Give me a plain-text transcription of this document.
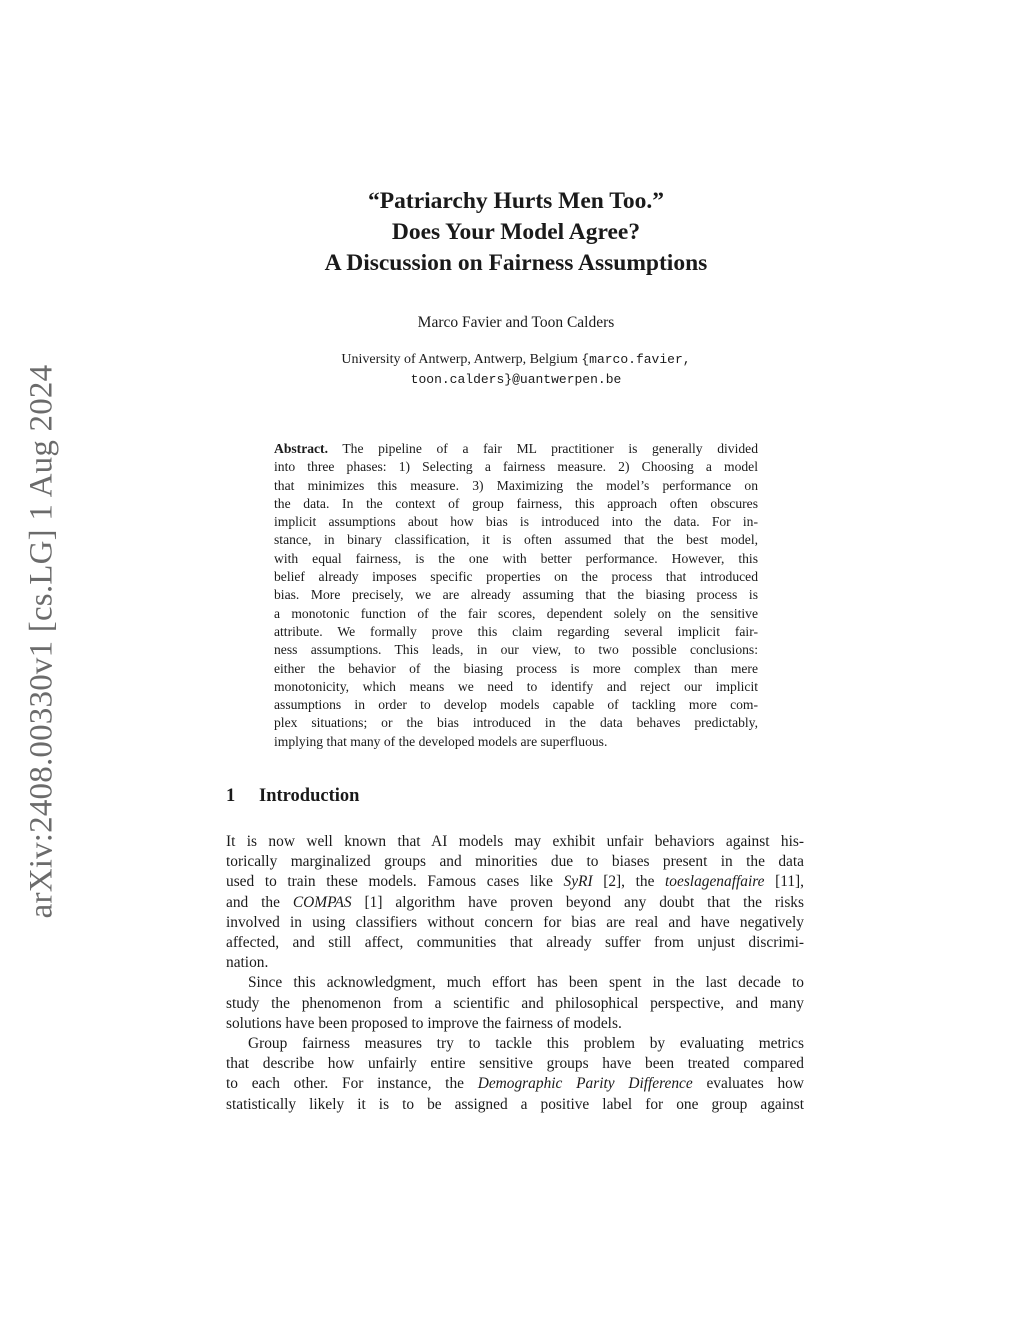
arXiv:2408.00330v1 [cs.LG] 1 Aug 2024
“Patriarchy Hurts Men Too.”
Does Your Model Agree?
A Discussion on Fairness Assumptions
Marco Favier and Toon Calders
University of Antwerp, Antwerp, Belgium {marco.favier,
toon.calders}@uantwerpen.be
Abstract. The pipeline of a fair ML practitioner is generally divided
into three phases: 1) Selecting a fairness measure. 2) Choosing a model
that minimizes this measure. 3) Maximizing the model’s performance on
the data. In the context of group fairness, this approach often obscures
implicit assumptions about how bias is introduced into the data. For in-
stance, in binary classification, it is often assumed that the best model,
with equal fairness, is the one with better performance. However, this
belief already imposes specific properties on the process that introduced
bias. More precisely, we are already assuming that the biasing process is
a monotonic function of the fair scores, dependent solely on the sensitive
attribute. We formally prove this claim regarding several implicit fair-
ness assumptions. This leads, in our view, to two possible conclusions:
either the behavior of the biasing process is more complex than mere
monotonicity, which means we need to identify and reject our implicit
assumptions in order to develop models capable of tackling more com-
plex situations; or the bias introduced in the data behaves predictably,
implying that many of the developed models are superfluous.
1 Introduction
It is now well known that AI models may exhibit unfair behaviors against his-
torically marginalized groups and minorities due to biases present in the data
used to train these models. Famous cases like SyRI [2], the toeslagenaffaire [11],
and the COMPAS [1] algorithm have proven beyond any doubt that the risks
involved in using classifiers without concern for bias are real and have negatively
affected, and still affect, communities that already suffer from unjust discrimi-
nation.
Since this acknowledgment, much effort has been spent in the last decade to
study the phenomenon from a scientific and philosophical perspective, and many
solutions have been proposed to improve the fairness of models.
Group fairness measures try to tackle this problem by evaluating metrics
that describe how unfairly entire sensitive groups have been treated compared
to each other. For instance, the Demographic Parity Difference evaluates how
statistically likely it is to be assigned a positive label for one group against
